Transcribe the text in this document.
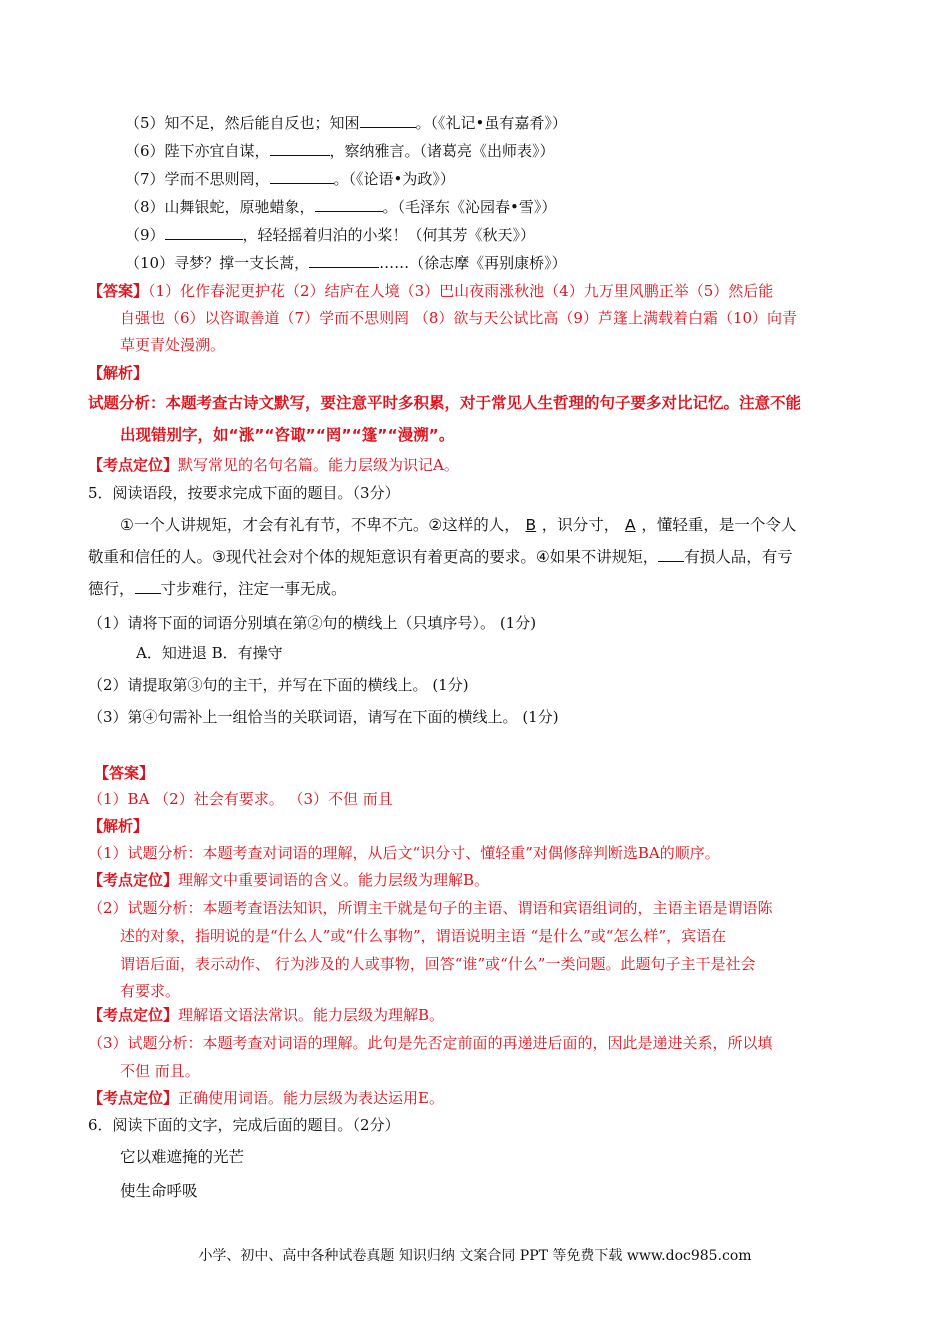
（5）知不足，然后能自反也；知困	。（《礼记•虽有嘉肴》）
（6）陛下亦宜自谋，	，察纳雅言。（诸葛亮《出师表》）
（7）学而不思则罔，	。（《论语•为政》）
（8）山舞银蛇，原驰蜡象，	。（毛泽东《沁园春•雪》）
（9）	，轻轻摇着归泊的小桨！（何其芳《秋天》）
（10）寻梦？撑一支长蒿，	……（徐志摩《再别康桥》）
【答案】（1）化作春泥更护花（2）结庐在人境（3）巴山夜雨涨秋池（4）九万里风鹏正举（5）然后能
自强也（6）以咨诹善道（7）学而不思则罔 （8）欲与天公试比高（9）芦篷上满载着白霜（10）向青
草更青处漫溯。
【解析】
试题分析：本题考查古诗文默写，要注意平时多积累，对于常见人生哲理的句子要多对比记忆。注意不能
出现错别字，如“涨”“咨诹”“罔”“篷”“漫溯”。
【考点定位】默写常见的名句名篇。能力层级为识记A。
5．阅读语段，按要求完成下面的题目。（3分）
①一个人讲规矩，才会有礼有节，不卑不亢。②这样的人， B ，识分寸， A ，懂轻重，是一个令人
敬重和信任的人。③现代社会对个体的规矩意识有着更高的要求。④如果不讲规矩， 有损人品，有亏
德行， 寸步难行，注定一事无成。
（1）请将下面的词语分别填在第②句的横线上（只填序号）。 (1分)
A．知进退 B．有操守
（2）请提取第③句的主干，并写在下面的横线上。 (1分)
（3）第④句需补上一组恰当的关联词语，请写在下面的横线上。 (1分)
【答案】
（1）BA （2）社会有要求。 （3）不但 而且
【解析】
（1）试题分析：本题考查对词语的理解，从后文“识分寸、懂轻重”对偶修辞判断选BA的顺序。
【考点定位】理解文中重要词语的含义。能力层级为理解B。
（2）试题分析：本题考查语法知识，所谓主干就是句子的主语、谓语和宾语组词的，主语主语是谓语陈
述的对象，指明说的是“什么人”或“什么事物”，谓语说明主语 “是什么”或“怎么样”，宾语在
谓语后面，表示动作、 行为涉及的人或事物，回答“谁”或“什么”一类问题。此题句子主干是社会
有要求。
【考点定位】理解语文语法常识。能力层级为理解B。
（3）试题分析：本题考查对词语的理解。此句是先否定前面的再递进后面的，因此是递进关系，所以填
不但 而且。
【考点定位】正确使用词语。能力层级为表达运用E。
6．阅读下面的文字，完成后面的题目。（2分）
它以难遮掩的光芒
使生命呼吸
小学、初中、高中各种试卷真题 知识归纳 文案合同 PPT 等免费下载 www.doc985.com
